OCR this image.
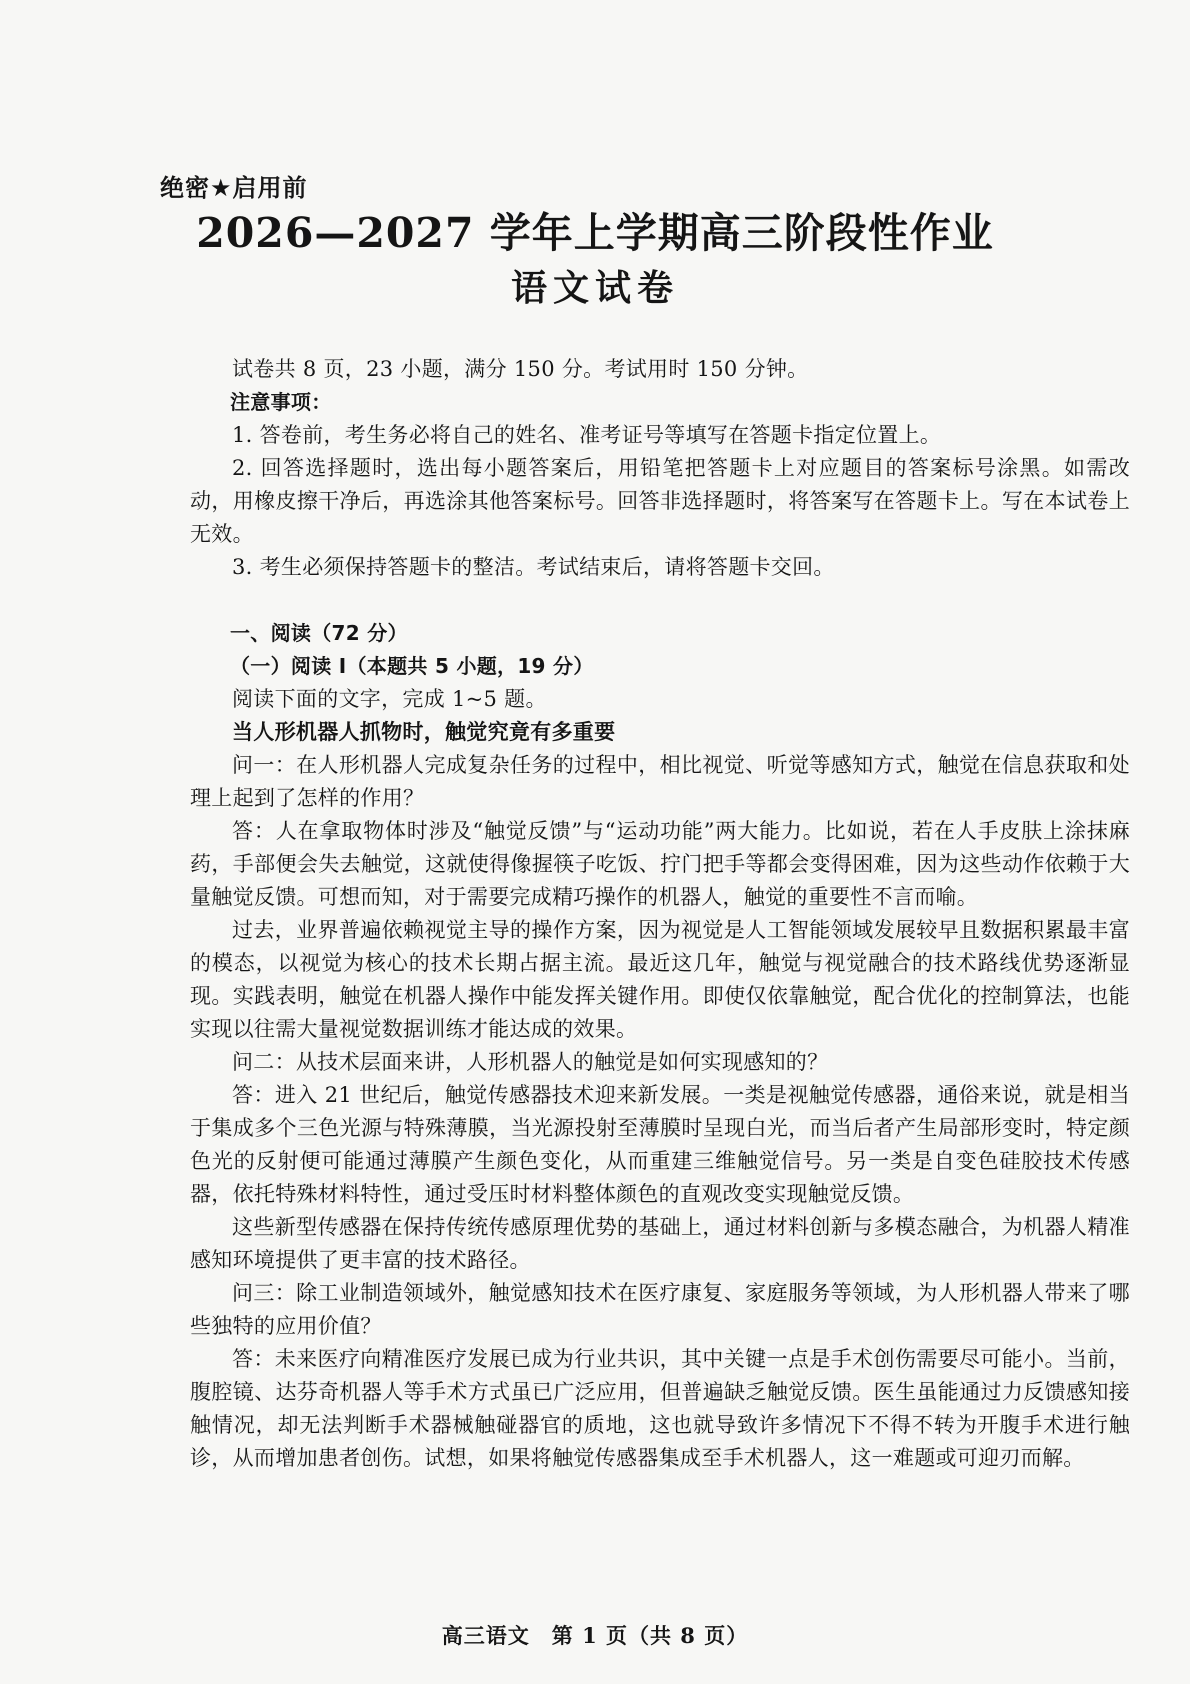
绝密★启用前
2026—2027 学年上学期高三阶段性作业
语文试卷

试卷共 8 页，23 小题，满分 150 分。考试用时 150 分钟。

注意事项：

1. 答卷前，考生务必将自己的姓名、准考证号等填写在答题卡指定位置上。

2. 回答选择题时，选出每小题答案后，用铅笔把答题卡上对应题目的答案标号涂黑。如需改动，用橡皮擦干净后，再选涂其他答案标号。回答非选择题时，将答案写在答题卡上。写在本试卷上无效。

3. 考生必须保持答题卡的整洁。考试结束后，请将答题卡交回。

一、阅读（72 分）

（一）阅读 I（本题共 5 小题，19 分）

阅读下面的文字，完成 1~5 题。

当人形机器人抓物时，触觉究竟有多重要

问一：在人形机器人完成复杂任务的过程中，相比视觉、听觉等感知方式，触觉在信息获取和处理上起到了怎样的作用？

答：人在拿取物体时涉及“触觉反馈”与“运动功能”两大能力。比如说，若在人手皮肤上涂抹麻药，手部便会失去触觉，这就使得像握筷子吃饭、拧门把手等都会变得困难，因为这些动作依赖于大量触觉反馈。可想而知，对于需要完成精巧操作的机器人，触觉的重要性不言而喻。

过去，业界普遍依赖视觉主导的操作方案，因为视觉是人工智能领域发展较早且数据积累最丰富的模态，以视觉为核心的技术长期占据主流。最近这几年，触觉与视觉融合的技术路线优势逐渐显现。实践表明，触觉在机器人操作中能发挥关键作用。即使仅依靠触觉，配合优化的控制算法，也能实现以往需大量视觉数据训练才能达成的效果。

问二：从技术层面来讲，人形机器人的触觉是如何实现感知的？

答：进入 21 世纪后，触觉传感器技术迎来新发展。一类是视触觉传感器，通俗来说，就是相当于集成多个三色光源与特殊薄膜，当光源投射至薄膜时呈现白光，而当后者产生局部形变时，特定颜色光的反射便可能通过薄膜产生颜色变化，从而重建三维触觉信号。另一类是自变色硅胶技术传感器，依托特殊材料特性，通过受压时材料整体颜色的直观改变实现触觉反馈。

这些新型传感器在保持传统传感原理优势的基础上，通过材料创新与多模态融合，为机器人精准感知环境提供了更丰富的技术路径。

问三：除工业制造领域外，触觉感知技术在医疗康复、家庭服务等领域，为人形机器人带来了哪些独特的应用价值？

答：未来医疗向精准医疗发展已成为行业共识，其中关键一点是手术创伤需要尽可能小。当前，腹腔镜、达芬奇机器人等手术方式虽已广泛应用，但普遍缺乏触觉反馈。医生虽能通过力反馈感知接触情况，却无法判断手术器械触碰器官的质地，这也就导致许多情况下不得不转为开腹手术进行触诊，从而增加患者创伤。试想，如果将触觉传感器集成至手术机器人，这一难题或可迎刃而解。

高三语文　第 1 页（共 8 页）
